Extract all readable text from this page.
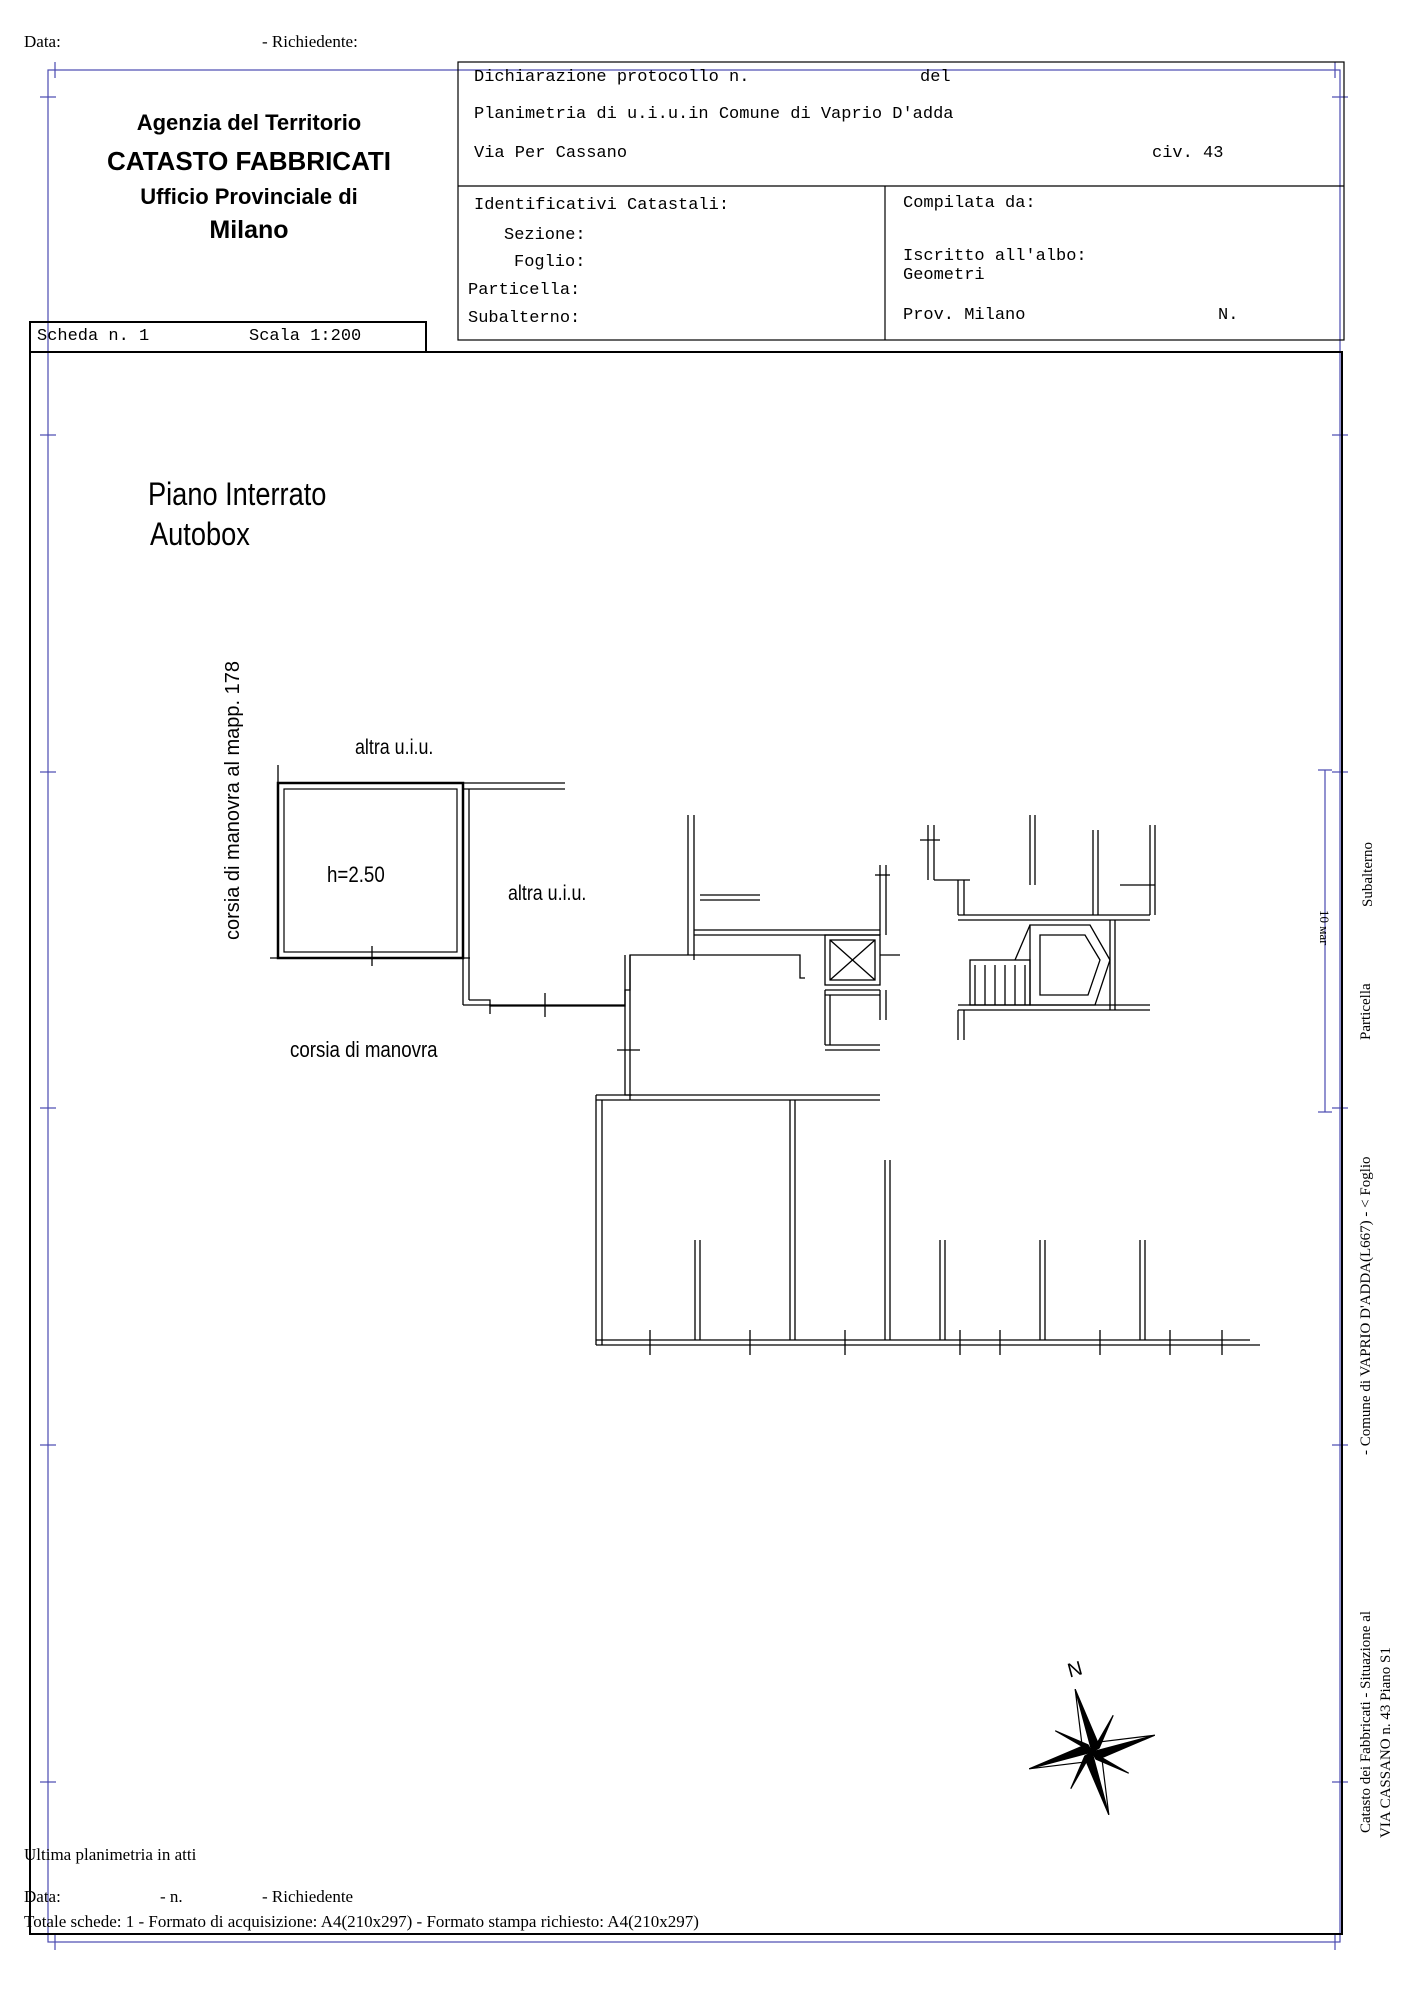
Data:	- Richiedente:
Agenzia del Territorio
CATASTO FABBRICATI
Ufficio Provinciale di
Milano
Dichiarazione protocollo n.	del
Planimetria di u.i.u.in Comune di Vaprio D'adda
Via Per Cassano	civ. 43
Identificativi Catastali:
Sezione:
Foglio:
Particella:
Subalterno:
Compilata da:
Iscritto all'albo:
Geometri
Prov. Milano	N.
Scheda n. 1	Scala 1:200
Piano Interrato
Autobox
altra u.i.u.
altra u.i.u.
h=2.50
corsia di manovra
corsia di manovra al mapp. 178
N
Subalterno
Particella
- Comune di VAPRIO D'ADDA(L667) - < Foglio
Catasto dei Fabbricati - Situazione al VIA CASSANO n. 43 Piano S1
10 маг
Ultima planimetria in atti
Data:	- n.	- Richiedente
Totale schede: 1 - Formato di acquisizione: A4(210x297) - Formato stampa richiesto: A4(210x297)
